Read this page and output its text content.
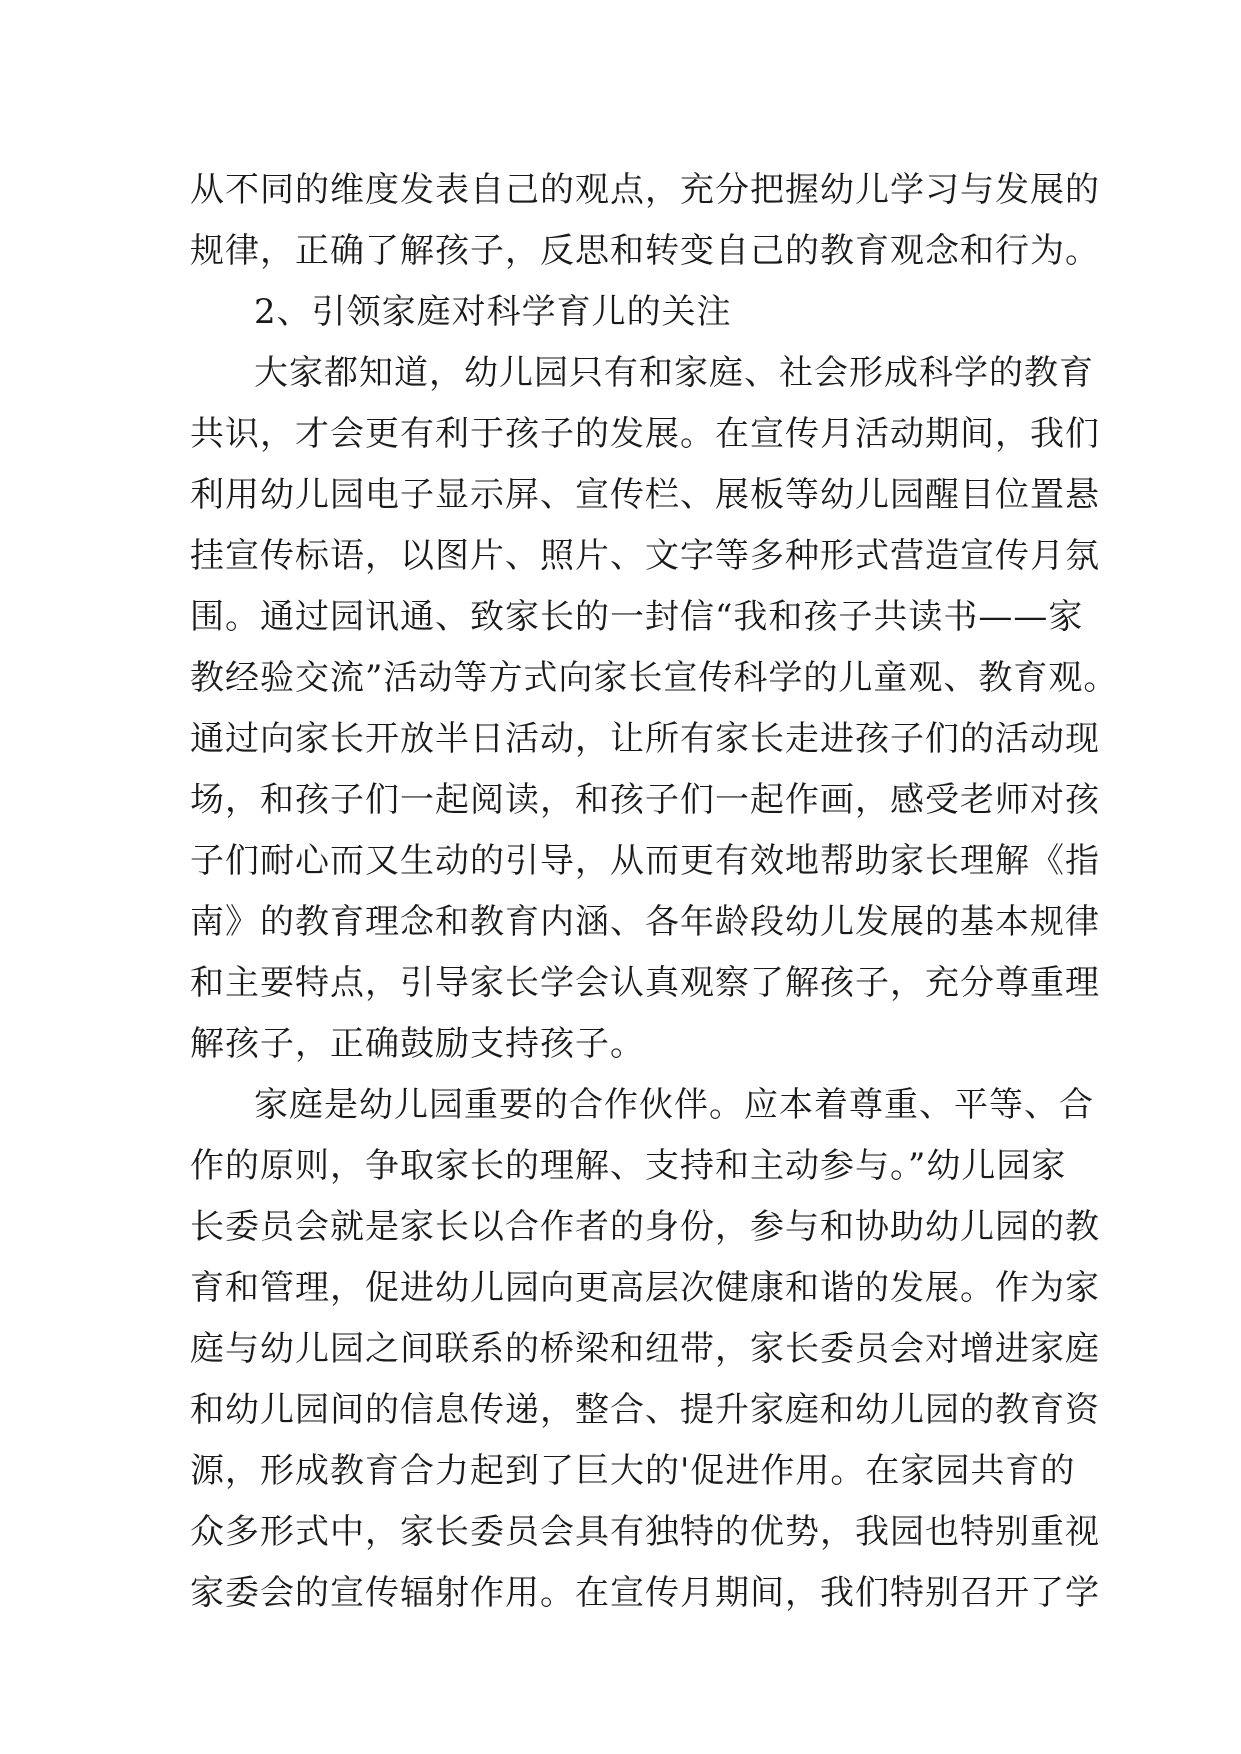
从不同的维度发表自己的观点，充分把握幼儿学习与发展的
规律，正确了解孩子，反思和转变自己的教育观念和行为。
2、引领家庭对科学育儿的关注
大家都知道，幼儿园只有和家庭、社会形成科学的教育
共识，才会更有利于孩子的发展。在宣传月活动期间，我们
利用幼儿园电子显示屏、宣传栏、展板等幼儿园醒目位置悬
挂宣传标语，以图片、照片、文字等多种形式营造宣传月氛
围。通过园讯通、致家长的一封信“我和孩子共读书——家
教经验交流”活动等方式向家长宣传科学的儿童观、教育观。
通过向家长开放半日活动，让所有家长走进孩子们的活动现
场，和孩子们一起阅读，和孩子们一起作画，感受老师对孩
子们耐心而又生动的引导，从而更有效地帮助家长理解《指
南》的教育理念和教育内涵、各年龄段幼儿发展的基本规律
和主要特点，引导家长学会认真观察了解孩子，充分尊重理
解孩子，正确鼓励支持孩子。
家庭是幼儿园重要的合作伙伴。应本着尊重、平等、合
作的原则，争取家长的理解、支持和主动参与。”幼儿园家
长委员会就是家长以合作者的身份，参与和协助幼儿园的教
育和管理，促进幼儿园向更高层次健康和谐的发展。作为家
庭与幼儿园之间联系的桥梁和纽带，家长委员会对增进家庭
和幼儿园间的信息传递，整合、提升家庭和幼儿园的教育资
源，形成教育合力起到了巨大的'促进作用。在家园共育的
众多形式中，家长委员会具有独特的优势，我园也特别重视
家委会的宣传辐射作用。在宣传月期间，我们特别召开了学
